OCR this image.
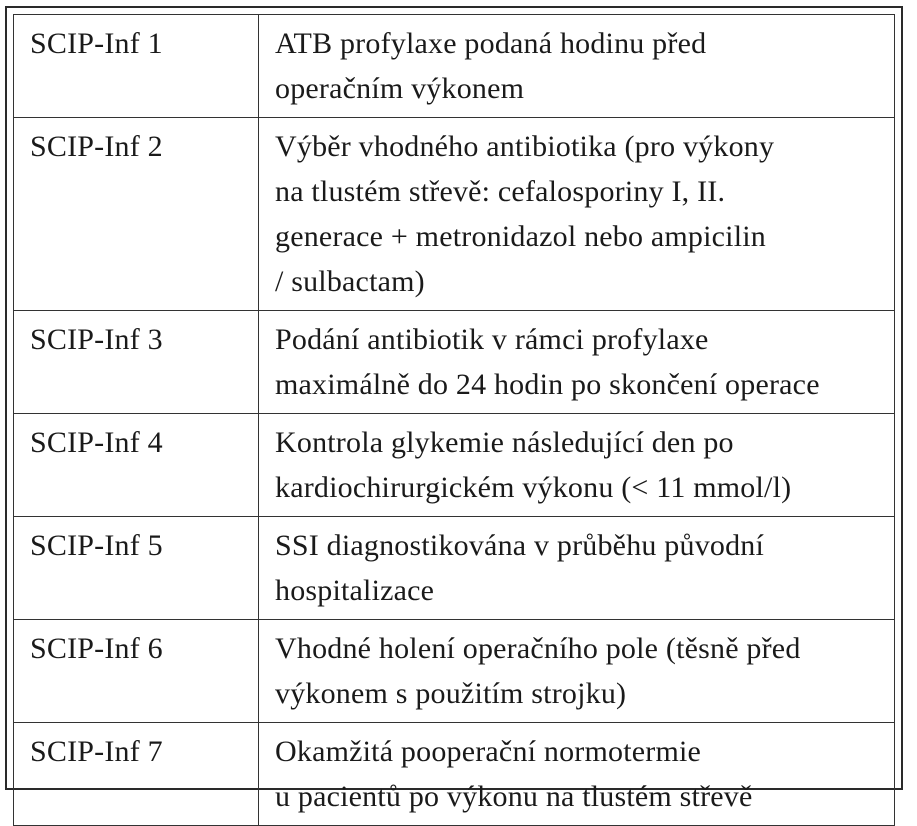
SCIP-Inf 1	ATB profylaxe podaná hodinu před
operačním výkonem

SCIP-Inf 2	Výběr vhodného antibiotika (pro výkony
na tlustém střevě: cefalosporiny I, II.
generace + metronidazol nebo ampicilin
/ sulbactam)

SCIP-Inf 3	Podání antibiotik v rámci profylaxe
maximálně do 24 hodin po skončení operace

SCIP-Inf 4	Kontrola glykemie následující den po
kardiochirurgickém výkonu (< 11 mmol/l)

SCIP-Inf 5	SSI diagnostikována v průběhu původní
hospitalizace

SCIP-Inf 6	Vhodné holení operačního pole (těsně před
výkonem s použitím strojku)

SCIP-Inf 7	Okamžitá pooperační normotermie
u pacientů po výkonu na tlustém střevě
